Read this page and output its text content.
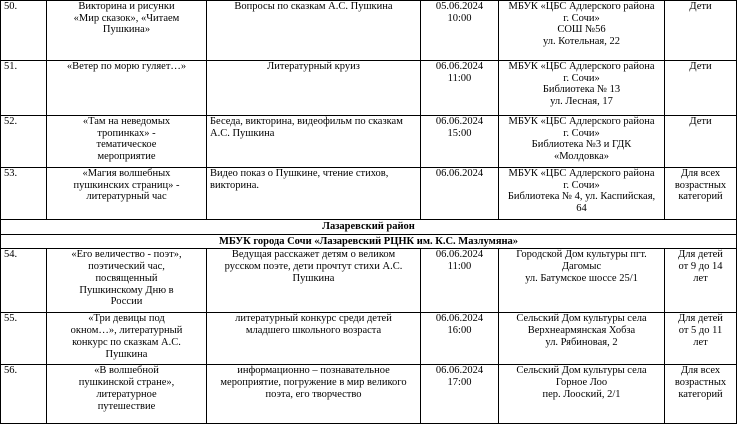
50.	Викторина и рисунки
«Мир сказок», «Читаем
Пушкина»	Вопросы по сказкам А.С. Пушкина	05.06.2024
10:00	МБУК «ЦБС Адлерского района
г. Сочи»
СОШ №56
ул. Котельная, 22	Дети
51.	«Ветер по морю гуляет…»	Литературный круиз	06.06.2024
11:00	МБУК «ЦБС Адлерского района
г. Сочи»
Библиотека № 13
ул. Лесная, 17	Дети
52.	«Там на неведомых
тропинках» -
тематическое
мероприятие	Беседа, викторина, видеофильм по сказкам
А.С. Пушкина	06.06.2024
15:00	МБУК «ЦБС Адлерского района
г. Сочи»
Библиотека №3 и ГДК
«Молдовка»	Дети
53.	«Магия волшебных
пушкинских страниц» -
литературный час	Видео показ о Пушкине, чтение стихов,
викторина.	06.06.2024	МБУК «ЦБС Адлерского района
г. Сочи»
Библиотека № 4, ул. Каспийская,
64	Для всех
возрастных
категорий
Лазаревский район					
МБУК города Сочи «Лазаревский РЦНК им. К.С. Мазлумяна»					
54.	«Его величество - поэт»,
поэтический час,
посвященный
Пушкинскому Дню в
России	Ведущая расскажет детям о великом
русском поэте, дети прочтут стихи А.С.
Пушкина	06.06.2024
11:00	Городской Дом культуры пгт.
Дагомыс
ул. Батумское шоссе 25/1	Для детей
от 9 до 14
лет
55.	«Три девицы под
окном…», литературный
конкурс по сказкам А.С.
Пушкина	литературный конкурс среди детей
младшего школьного возраста	06.06.2024
16:00	Сельский Дом культуры села
Верхнеармянская Хобза
ул. Рябиновая, 2	Для детей
от 5 до 11
лет
56.	«В волшебной
пушкинской стране»,
литературное
путешествие	информационно – познавательное
мероприятие, погружение в мир великого
поэта, его творчество	06.06.2024
17:00	Сельский Дом культуры села
Горное Лоо
пер. Лооский, 2/1	Для всех
возрастных
категорий
